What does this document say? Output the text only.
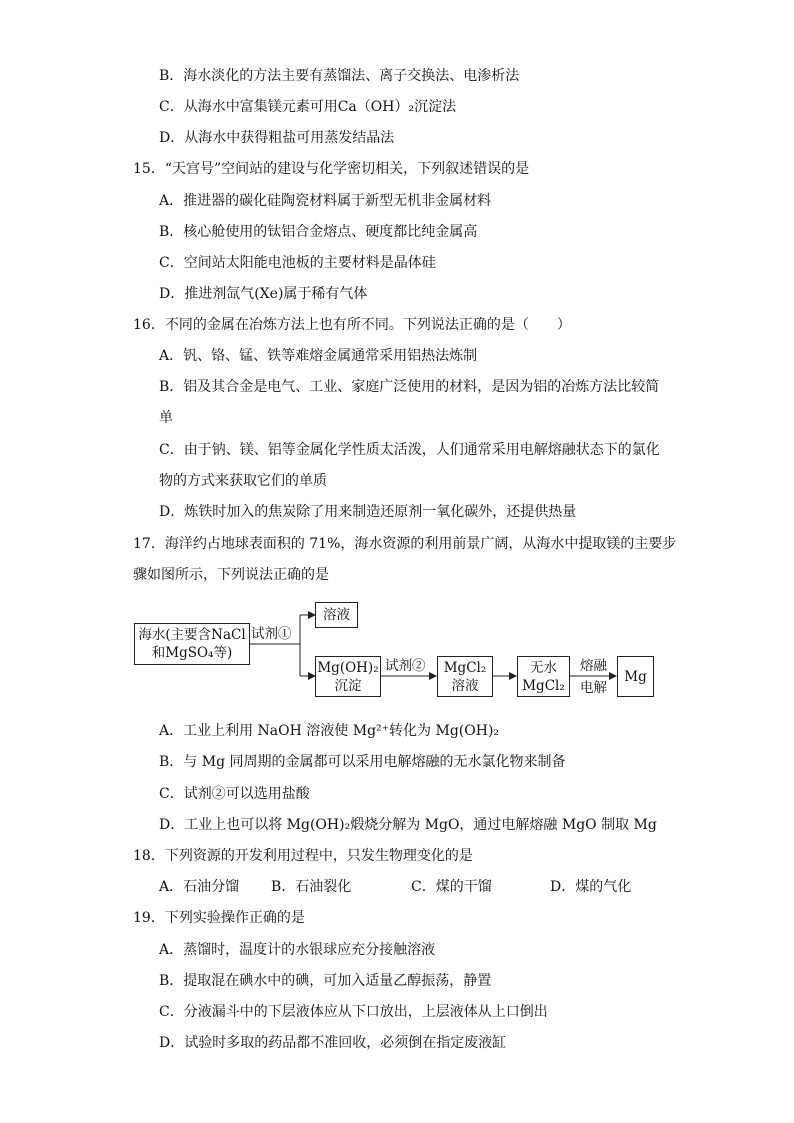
B．海水淡化的方法主要有蒸馏法、离子交换法、电渗析法
C．从海水中富集镁元素可用Ca（OH）₂沉淀法
D．从海水中获得粗盐可用蒸发结晶法
15．“天宫号”空间站的建设与化学密切相关，下列叙述错误的是
A．推进器的碳化硅陶瓷材料属于新型无机非金属材料
B．核心舱使用的钛铝合金熔点、硬度都比纯金属高
C．空间站太阳能电池板的主要材料是晶体硅
D．推进剂氙气(Xe)属于稀有气体
16．不同的金属在冶炼方法上也有所不同。下列说法正确的是（　　）
A．钒、铬、锰、铁等难熔金属通常采用铝热法炼制
B．铝及其合金是电气、工业、家庭广泛使用的材料，是因为铝的冶炼方法比较简
单
C．由于钠、镁、铝等金属化学性质太活泼，人们通常采用电解熔融状态下的氯化
物的方式来获取它们的单质
D．炼铁时加入的焦炭除了用来制造还原剂一氧化碳外，还提供热量
17．海洋约占地球表面积的 71%，海水资源的利用前景广阔，从海水中提取镁的主要步
骤如图所示，下列说法正确的是
海水(主要含NaCl
和MgSO₄等)
试剂①
溶液
Mg(OH)₂
沉淀
试剂② MgCl₂
溶液
无水
MgCl₂
熔融
电解
Mg
A．工业上利用 NaOH 溶液使 Mg²⁺转化为 Mg(OH)₂
B．与 Mg 同周期的金属都可以采用电解熔融的无水氯化物来制备
C．试剂②可以选用盐酸
D．工业上也可以将 Mg(OH)₂煅烧分解为 MgO，通过电解熔融 MgO 制取 Mg
18．下列资源的开发利用过程中，只发生物理变化的是
A．石油分馏 B．石油裂化	C．煤的干馏	D．煤的气化
19．下列实验操作正确的是
A．蒸馏时，温度计的水银球应充分接触溶液
B．提取混在碘水中的碘，可加入适量乙醇振荡，静置
C．分液漏斗中的下层液体应从下口放出，上层液体从上口倒出
D．试验时多取的药品都不准回收，必须倒在指定废液缸
